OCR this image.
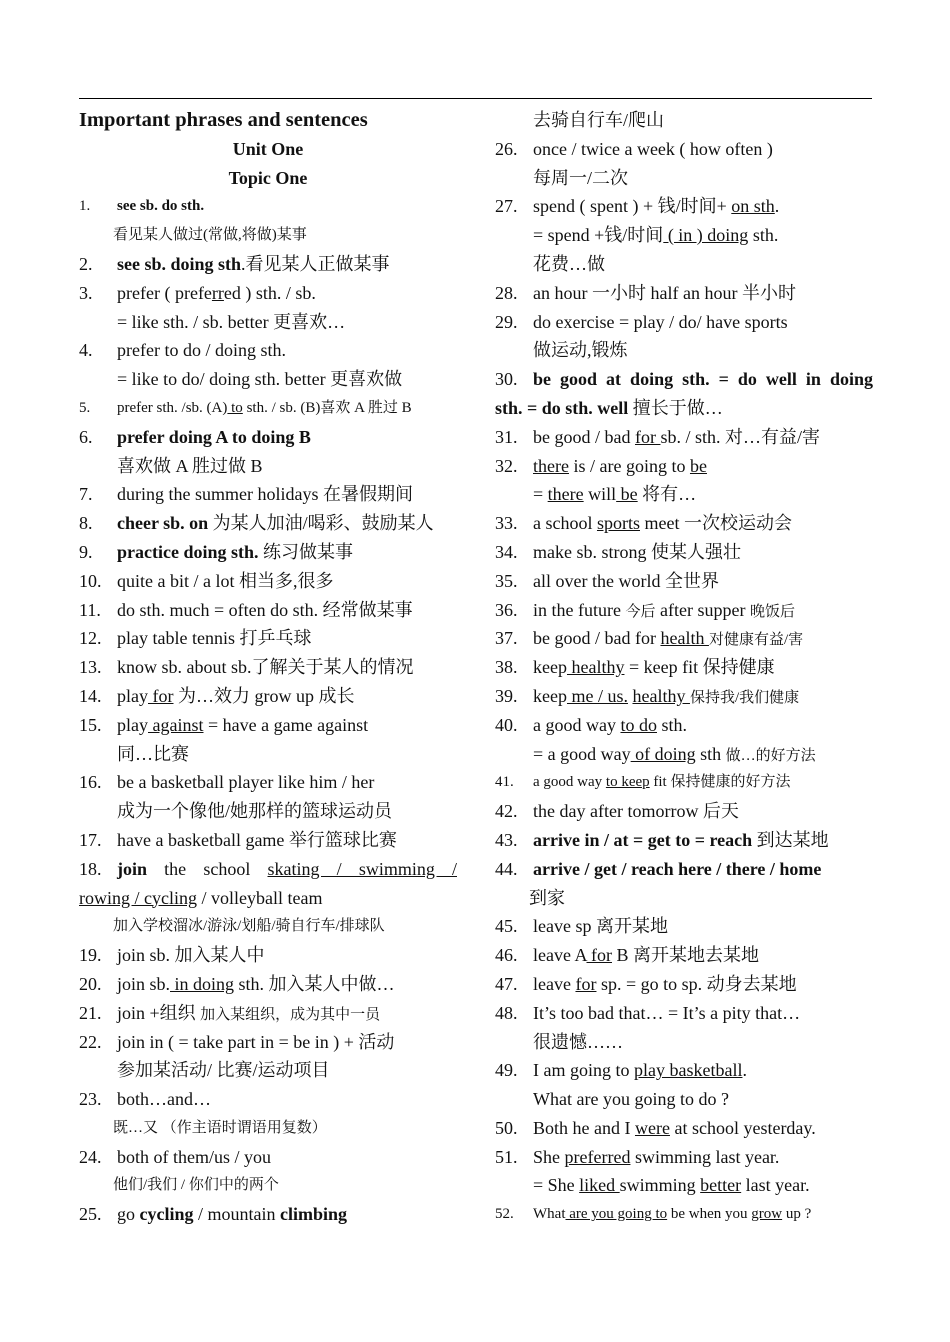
Important phrases and sentences
Unit One
Topic One
1. see sb. do sth.
看见某人做过(常做,将做)某事
2. see sb. doing sth.看见某人正做某事
3. prefer ( preferred ) sth. / sb.
= like sth. / sb. better 更喜欢…
4. prefer to do / doing sth.
= like to do/ doing sth. better 更喜欢做
5. prefer sth. /sb. (A) to sth. / sb. (B)喜欢 A 胜过 B
6. prefer doing A to doing B
喜欢做 A 胜过做 B
7. during the summer holidays 在暑假期间
8. cheer sb. on 为某人加油/喝彩、鼓励某人
9. practice doing sth. 练习做某事
10. quite a bit / a lot 相当多,很多
11. do sth. much = often do sth. 经常做某事
12. play table tennis 打乒乓球
13. know sb. about sb.了解关于某人的情况
14. play for 为…效力 grow up 成长
15. play against = have a game against
同…比赛
16. be a basketball player like him / her
成为一个像他/她那样的篮球运动员
17. have a basketball game 举行篮球比赛
18. join the school skating / swimming /
rowing / cycling / volleyball team
加入学校溜冰/游泳/划船/骑自行车/排球队
19. join sb. 加入某人中
20. join sb. in doing sth. 加入某人中做…
21. join +组织 加入某组织，成为其中一员
22. join in ( = take part in = be in ) + 活动
参加某活动/ 比赛/运动项目
23. both…and…
既…又 （作主语时谓语用复数）
24. both of them/us / you
他们/我们 / 你们中的两个
25. go cycling / mountain climbing
去骑自行车/爬山
26. once / twice a week ( how often )
每周一/二次
27. spend ( spent ) + 钱/时间+ on sth.
= spend +钱/时间 ( in ) doing sth.
花费…做
28. an hour 一小时 half an hour 半小时
29. do exercise = play / do/ have sports
做运动,锻炼
30. be good at doing sth. = do well in doing
sth. = do sth. well 擅长于做…
31. be good / bad for sb. / sth. 对…有益/害
32. there is / are going to be
= there will be 将有…
33. a school sports meet 一次校运动会
34. make sb. strong 使某人强壮
35. all over the world 全世界
36. in the future 今后 after supper 晚饭后
37. be good / bad for health 对健康有益/害
38. keep healthy = keep fit 保持健康
39. keep me / us. healthy 保持我/我们健康
40. a good way to do sth.
= a good way of doing sth 做…的好方法
41. a good way to keep fit 保持健康的好方法
42. the day after tomorrow 后天
43. arrive in / at = get to = reach 到达某地
44. arrive / get / reach here / there / home
到家
45. leave sp 离开某地
46. leave A for B 离开某地去某地
47. leave for sp. = go to sp. 动身去某地
48. It’s too bad that… = It’s a pity that…
很遗憾……
49. I am going to play basketball.
What are you going to do ?
50. Both he and I were at school yesterday.
51. She preferred swimming last year.
= She liked swimming better last year.
52. What are you going to be when you grow up ?
